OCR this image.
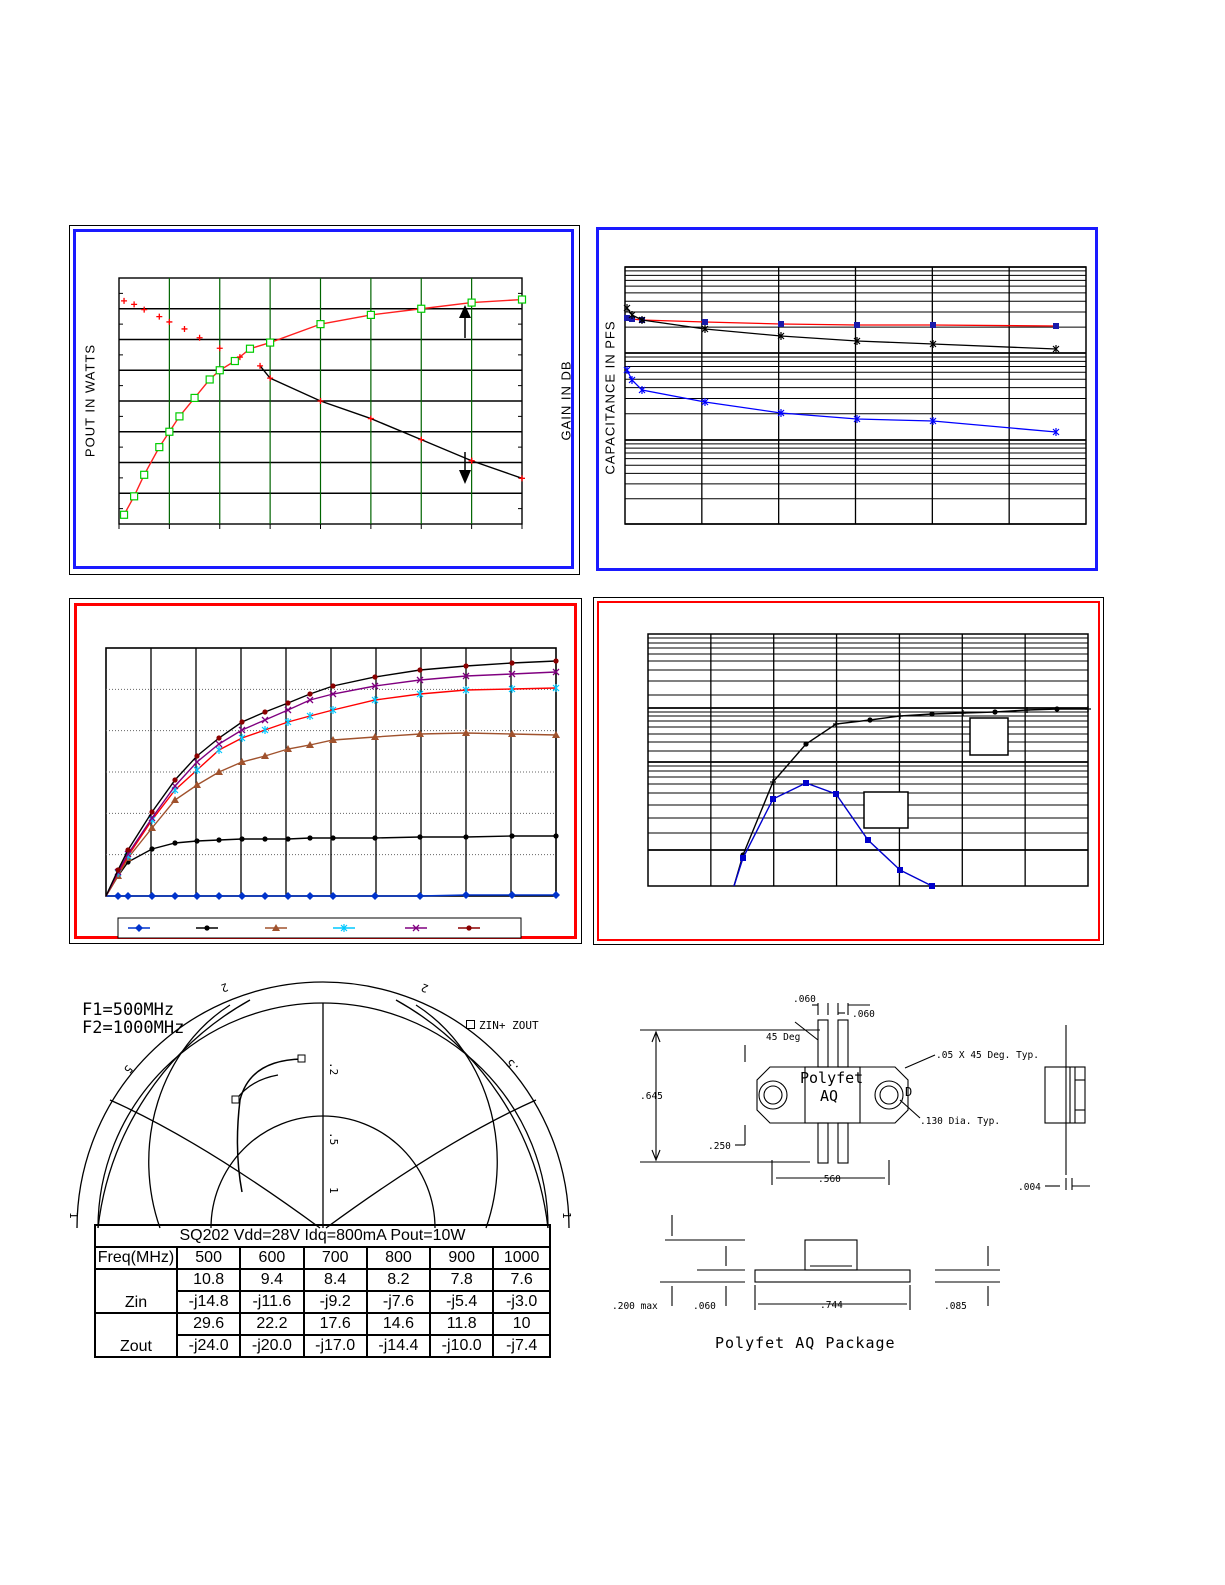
POUT IN WATTS	GAIN IN DB CAPACITANCE IN PFS
F1=500MHz
F2=1000MHz	ZIN+ ZOUT
1
2	2
5	.5
.2
.5
1
1
SQ202 Vdd=28V Idq=800mA Pout=10W						
Freq(MHz)	500	600	700	800	900	1000
Zin	10.8	9.4	8.4	8.2	7.8	7.6
	-j14.8	-j11.6	-j9.2	-j7.6	-j5.4	-j3.0
Zout	29.6	22.2	17.6	14.6	11.8	10
	-j24.0	-j20.0	-j17.0	-j14.4	-j10.0	-j7.4
.060
.060
45 Deg
.05 X 45 Deg. Typ.
.645
.250
.130 Dia. Typ.
.560
.004
.200 max	.060	.744	.085
Polyfet
AQ	D
Polyfet AQ Package
